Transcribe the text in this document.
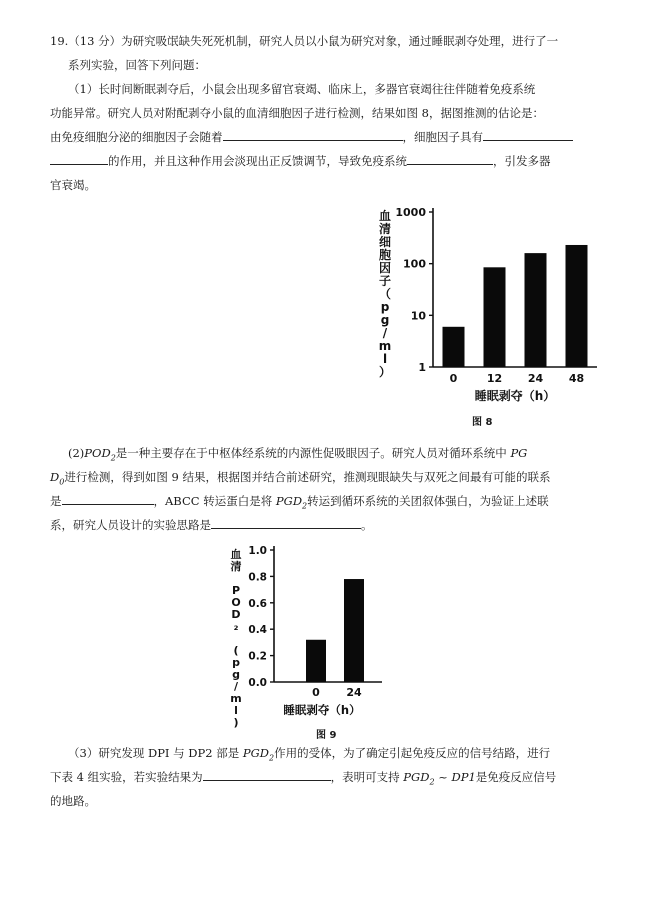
19.（13 分）为研究吸氓缺失死死机制，研究人员以小鼠为研究对象，通过睡眠剥夺处理，进行了一
系列实验，回答下列问题：
（1）长时间断眠剥夺后，小鼠会出现多留官衰竭、临床上，多器官衰竭往往伴随着免疫系统
功能异常。研究人员对附配剥夺小鼠的血清细胞因子进行检测，结果如图 8，据图推测的估论是：
由免疫细胞分泌的细胞因子会随着	，细胞因子具有
的作用，并且这种作用会淡现出正反馈调节，导致免疫系统	，引发多器
官衰竭。
1
10
100
1000
0	12 24 48
睡眠剥夺（h）
血清细胞因子（ p g / m l ）
图 8
$(2)POD_2$是一种主要存在于中枢体经系统的内源性促吸眼因子。研究人员对循环系统中 PG
$D_0$进行检测，得到如图 9 结果，根据图并结合前述研究，推测现眼缺失与双死之间最有可能的联系
是	，ABCC 转运蛋白是将 $PGD_2$转运到循环系统的关团叙体强白，为验证上述联
系，研究人员设计的实验思路是	。
0.0
0.2
0.4
0.6
0.8
1.0
0 24
睡眠剥夺（h）
血清 P O D ₂ ( p g / m l )
图 9
（3）研究发现 DPI 与 DP2 部是 $PGD_2$作用的受体，为了确定引起免疫反应的信号结路，进行
下表 4 组实验，若实验结果为	，表明可支持 $PGD_2$ ~ DP1是免疫反应信号
的地路。
